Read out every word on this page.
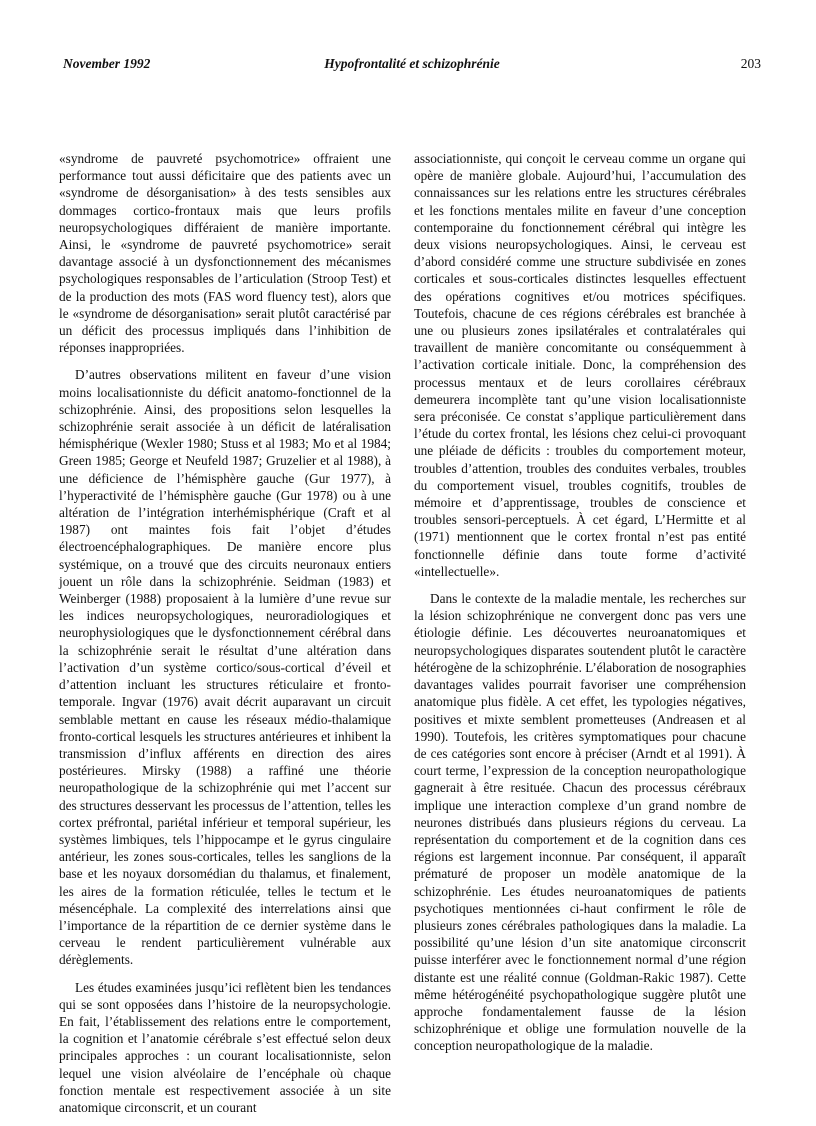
November 1992	Hypofrontalité et schizophrénie	203

«syndrome de pauvreté psychomotrice» offraient une performance tout aussi déficitaire que des patients avec un «syndrome de désorganisation» à des tests sensibles aux dommages cortico-frontaux mais que leurs profils neuropsychologiques différaient de manière importante. Ainsi, le «syndrome de pauvreté psychomotrice» serait davantage associé à un dysfonctionnement des mécanismes psychologiques responsables de l’articulation (Stroop Test) et de la production des mots (FAS word fluency test), alors que le «syndrome de désorganisation» serait plutôt caractérisé par un déficit des processus impliqués dans l’inhibition de réponses inappropriées.

D’autres observations militent en faveur d’une vision moins localisationniste du déficit anatomo-fonctionnel de la schizophrénie. Ainsi, des propositions selon lesquelles la schizophrénie serait associée à un déficit de latéralisation hémisphérique (Wexler 1980; Stuss et al 1983; Mo et al 1984; Green 1985; George et Neufeld 1987; Gruzelier et al 1988), à une déficience de l’hémisphère gauche (Gur 1977), à l’hyperactivité de l’hémisphère gauche (Gur 1978) ou à une altération de l’intégration interhémisphérique (Craft et al 1987) ont maintes fois fait l’objet d’études électroencéphalographiques. De manière encore plus systémique, on a trouvé que des circuits neuronaux entiers jouent un rôle dans la schizophrénie. Seidman (1983) et Weinberger (1988) proposaient à la lumière d’une revue sur les indices neuropsychologiques, neuroradiologiques et neurophysiologiques que le dysfonctionnement cérébral dans la schizophrénie serait le résultat d’une altération dans l’activation d’un système cortico/sous-cortical d’éveil et d’attention incluant les structures réticulaire et fronto-temporale. Ingvar (1976) avait décrit auparavant un circuit semblable mettant en cause les réseaux médio-thalamique fronto-cortical lesquels les structures antérieures et inhibent la transmission d’influx afférents en direction des aires postérieures. Mirsky (1988) a raffiné une théorie neuropathologique de la schizophrénie qui met l’accent sur des structures desservant les processus de l’attention, telles les cortex préfrontal, pariétal inférieur et temporal supérieur, les systèmes limbiques, tels l’hippocampe et le gyrus cingulaire antérieur, les zones sous-corticales, telles les sanglions de la base et les noyaux dorsomédian du thalamus, et finalement, les aires de la formation réticulée, telles le tectum et le mésencéphale. La complexité des interrelations ainsi que l’importance de la répartition de ce dernier système dans le cerveau le rendent particulièrement vulnérable aux dérèglements.

Les études examinées jusqu’ici reflètent bien les tendances qui se sont opposées dans l’histoire de la neuropsychologie. En fait, l’établissement des relations entre le comportement, la cognition et l’anatomie cérébrale s’est effectué selon deux principales approches : un courant localisationniste, selon lequel une vision alvéolaire de l’encéphale où chaque fonction mentale est respectivement associée à un site anatomique circonscrit, et un courant

associationniste, qui conçoit le cerveau comme un organe qui opère de manière globale. Aujourd’hui, l’accumulation des connaissances sur les relations entre les structures cérébrales et les fonctions mentales milite en faveur d’une conception contemporaine du fonctionnement cérébral qui intègre les deux visions neuropsychologiques. Ainsi, le cerveau est d’abord considéré comme une structure subdivisée en zones corticales et sous-corticales distinctes lesquelles effectuent des opérations cognitives et/ou motrices spécifiques. Toutefois, chacune de ces régions cérébrales est branchée à une ou plusieurs zones ipsilatérales et contralatérales qui travaillent de manière concomitante ou conséquemment à l’activation corticale initiale. Donc, la compréhension des processus mentaux et de leurs corollaires cérébraux demeurera incomplète tant qu’une vision localisationniste sera préconisée. Ce constat s’applique particulièrement dans l’étude du cortex frontal, les lésions chez celui-ci provoquant une pléiade de déficits : troubles du comportement moteur, troubles d’attention, troubles des conduites verbales, troubles du comportement visuel, troubles cognitifs, troubles de mémoire et d’apprentissage, troubles de conscience et troubles sensori-perceptuels. À cet égard, L’Hermitte et al (1971) mentionnent que le cortex frontal n’est pas entité fonctionnelle définie dans toute forme d’activité «intellectuelle».

Dans le contexte de la maladie mentale, les recherches sur la lésion schizophrénique ne convergent donc pas vers une étiologie définie. Les découvertes neuroanatomiques et neuropsychologiques disparates soutendent plutôt le caractère hétérogène de la schizophrénie. L’élaboration de nosographies davantages valides pourrait favoriser une compréhension anatomique plus fidèle. A cet effet, les typologies négatives, positives et mixte semblent prometteuses (Andreasen et al 1990). Toutefois, les critères symptomatiques pour chacune de ces catégories sont encore à préciser (Arndt et al 1991). À court terme, l’expression de la conception neuropathologique gagnerait à être resituée. Chacun des processus cérébraux implique une interaction complexe d’un grand nombre de neurones distribués dans plusieurs régions du cerveau. La représentation du comportement et de la cognition dans ces régions est largement inconnue. Par conséquent, il apparaît prématuré de proposer un modèle anatomique de la schizophrénie. Les études neuroanatomiques de patients psychotiques mentionnées ci-haut confirment le rôle de plusieurs zones cérébrales pathologiques dans la maladie. La possibilité qu’une lésion d’un site anatomique circonscrit puisse interférer avec le fonctionnement normal d’une région distante est une réalité connue (Goldman-Rakic 1987). Cette même hétérogénéité psychopathologique suggère plutôt une approche fondamentalement fausse de la lésion schizophrénique et oblige une formulation nouvelle de la conception neuropathologique de la maladie.
